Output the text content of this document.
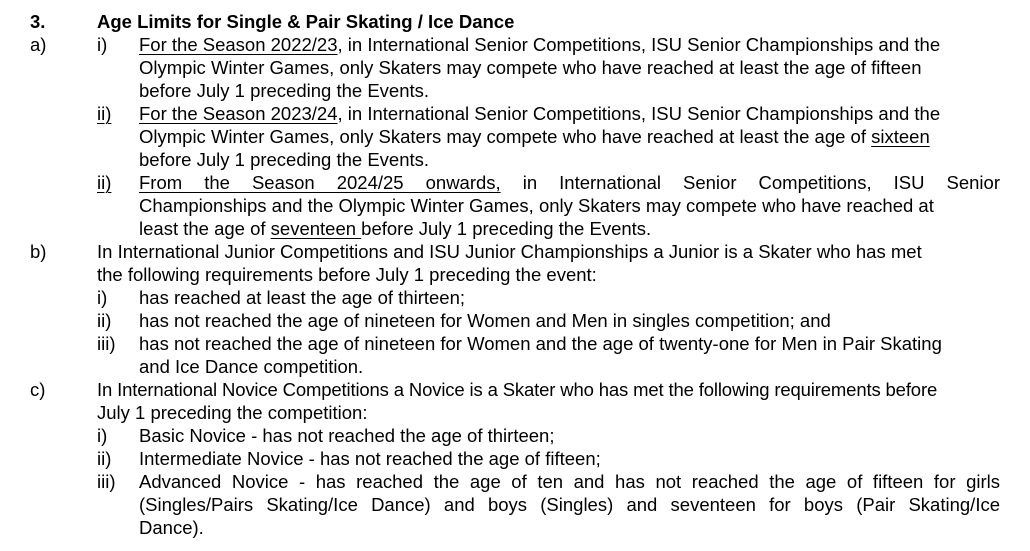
3.	Age Limits for Single & Pair Skating / Ice Dance
a)	i) For the Season 2022/23, in International Senior Competitions, ISU Senior Championships and the
Olympic Winter Games, only Skaters may compete who have reached at least the age of fifteen
before July 1 preceding the Events.
ii) For the Season 2023/24, in International Senior Competitions, ISU Senior Championships and the
Olympic Winter Games, only Skaters may compete who have reached at least the age of sixteen
before July 1 preceding the Events.
ii) From the Season 2024/25 onwards, in International Senior Competitions, ISU Senior
Championships and the Olympic Winter Games, only Skaters may compete who have reached at
least the age of seventeen before July 1 preceding the Events.
b)	In International Junior Competitions and ISU Junior Championships a Junior is a Skater who has met
the following requirements before July 1 preceding the event:
i) has reached at least the age of thirteen;
ii) has not reached the age of nineteen for Women and Men in singles competition; and
iii) has not reached the age of nineteen for Women and the age of twenty-one for Men in Pair Skating
and Ice Dance competition.
c)	In International Novice Competitions a Novice is a Skater who has met the following requirements before
July 1 preceding the competition:
i) Basic Novice - has not reached the age of thirteen;
ii) Intermediate Novice - has not reached the age of fifteen;
iii) Advanced Novice - has reached the age of ten and has not reached the age of fifteen for girls
(Singles/Pairs Skating/Ice Dance) and boys (Singles) and seventeen for boys (Pair Skating/Ice
Dance).
